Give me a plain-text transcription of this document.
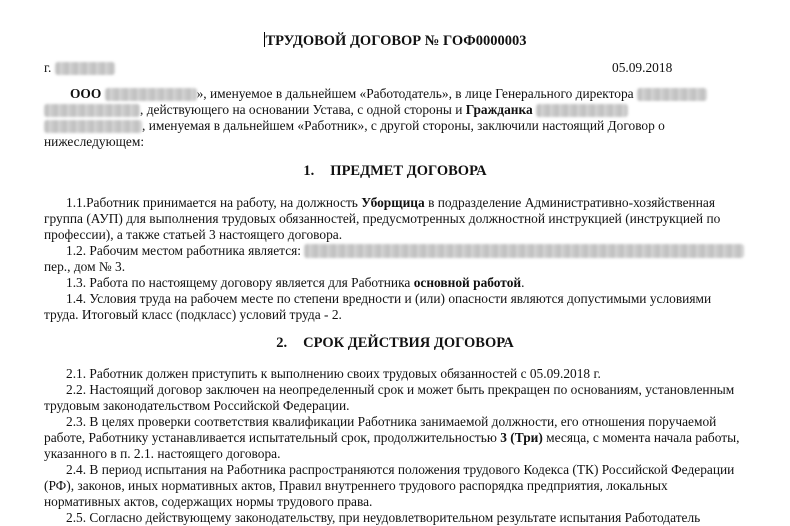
ТРУДОВОЙ ДОГОВОР № ГОФ0000003
г.	05.09.2018
ООО	», именуемое в дальнейшем «Работодатель», в лице Генерального директора
, действующего на основании Устава, с одной стороны и Гражданка
, именуемая в дальнейшем «Работник», с другой стороны, заключили настоящий Договор о
нижеследующем:
1. ПРЕДМЕТ ДОГОВОРА
1.1.Работник принимается на работу, на должность Уборщица в подразделение Административно-хозяйственная
группа (АУП) для выполнения трудовых обязанностей, предусмотренных должностной инструкцией (инструкцией по
профессии), а также статьей 3 настоящего договора.
1.2. Рабочим местом работника является:
пер., дом № 3.
1.3. Работа по настоящему договору является для Работника основной работой.
1.4. Условия труда на рабочем месте по степени вредности и (или) опасности являются допустимыми условиями
труда. Итоговый класс (подкласс) условий труда - 2.
2. СРОК ДЕЙСТВИЯ ДОГОВОРА
2.1. Работник должен приступить к выполнению своих трудовых обязанностей с 05.09.2018 г.
2.2. Настоящий договор заключен на неопределенный срок и может быть прекращен по основаниям, установленным
трудовым законодательством Российской Федерации.
2.3. В целях проверки соответствия квалификации Работника занимаемой должности, его отношения поручаемой
работе, Работнику устанавливается испытательный срок, продолжительностью 3 (Три) месяца, с момента начала работы,
указанного в п. 2.1. настоящего договора.
2.4. В период испытания на Работника распространяются положения трудового Кодекса (ТК) Российской Федерации
(РФ), законов, иных нормативных актов, Правил внутреннего трудового распорядка предприятия, локальных
нормативных актов, содержащих нормы трудового права.
2.5. Согласно действующему законодательству, при неудовлетворительном результате испытания Работодатель
